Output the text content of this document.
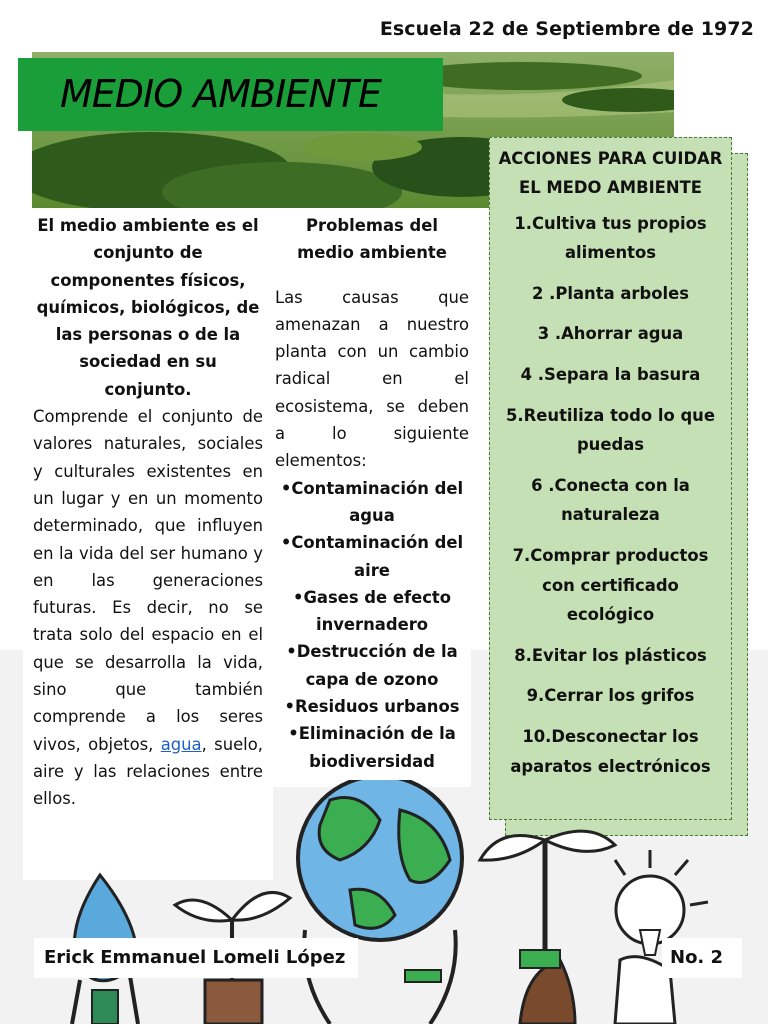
Escuela 22 de Septiembre de 1972
MEDIO AMBIENTE
El medio ambiente es el conjunto de componentes físicos, químicos, biológicos, de las personas o de la sociedad en su conjunto.
Comprende el conjunto de valores naturales, sociales y culturales existentes en un lugar y en un momento determinado, que influyen en la vida del ser humano y en las generaciones futuras. Es decir, no se trata solo del espacio en el que se desarrolla la vida, sino que también comprende a los seres vivos, objetos, agua, suelo, aire y las relaciones entre ellos.
Problemas del medio ambiente
Las causas que amenazan a nuestro planta con un cambio radical en el ecosistema, se deben a lo siguiente elementos:
•Contaminación del agua
•Contaminación del aire
•Gases de efecto invernadero
•Destrucción de la capa de ozono
•Residuos urbanos
•Eliminación de la biodiversidad
ACCIONES PARA CUIDAR EL MEDO AMBIENTE
1.Cultiva tus propios alimentos
2 .Planta arboles
3 .Ahorrar agua
4 .Separa la basura
5.Reutiliza todo lo que puedas
6 .Conecta con la naturaleza
7.Comprar productos con certificado ecológico
8.Evitar los plásticos
9.Cerrar los grifos
10.Desconectar los aparatos electrónicos
Erick Emmanuel Lomeli López	No. 2
